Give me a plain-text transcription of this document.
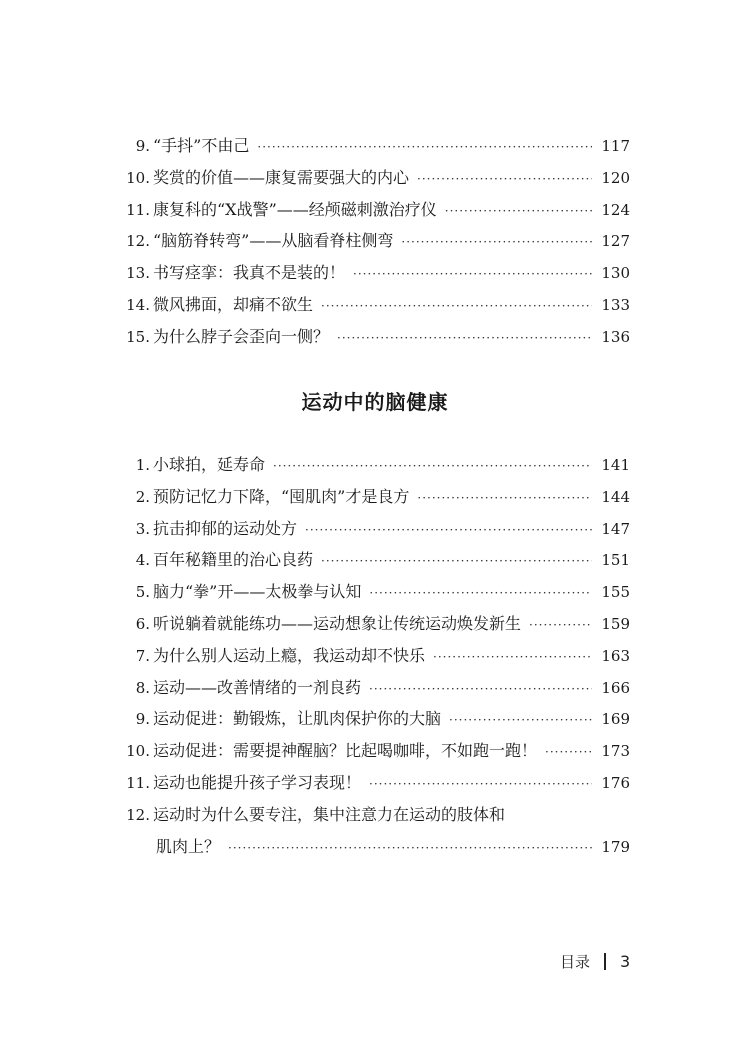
9. “手抖”不由己 ·····	117
10. 奖赏的价值——康复需要强大的内心 ·····	120
11. 康复科的“X战警”——经颅磁刺激治疗仪 ·····	124
12. “脑筋脊转弯”——从脑看脊柱侧弯 ·····	127
13. 书写痉挛：我真不是装的！ ·····	130
14. 微风拂面，却痛不欲生 ·····	133
15. 为什么脖子会歪向一侧？ ·····	136
运动中的脑健康
1. 小球拍，延寿命 ·····	141
2. 预防记忆力下降，“囤肌肉”才是良方 ·····	144
3. 抗击抑郁的运动处方 ·····	147
4. 百年秘籍里的治心良药 ·····	151
5. 脑力“拳”开——太极拳与认知 ·····	155
6. 听说躺着就能练功——运动想象让传统运动焕发新生 ·····	159
7. 为什么别人运动上瘾，我运动却不快乐 ·····	163
8. 运动——改善情绪的一剂良药 ·····	166
9. 运动促进：勤锻炼，让肌肉保护你的大脑 ·····	169
10. 运动促进：需要提神醒脑？比起喝咖啡，不如跑一跑！ ·····	173
11. 运动也能提升孩子学习表现！ ·····	176
12. 运动时为什么要专注，集中注意力在运动的肢体和
肌肉上？ ·····	179
目录 3
